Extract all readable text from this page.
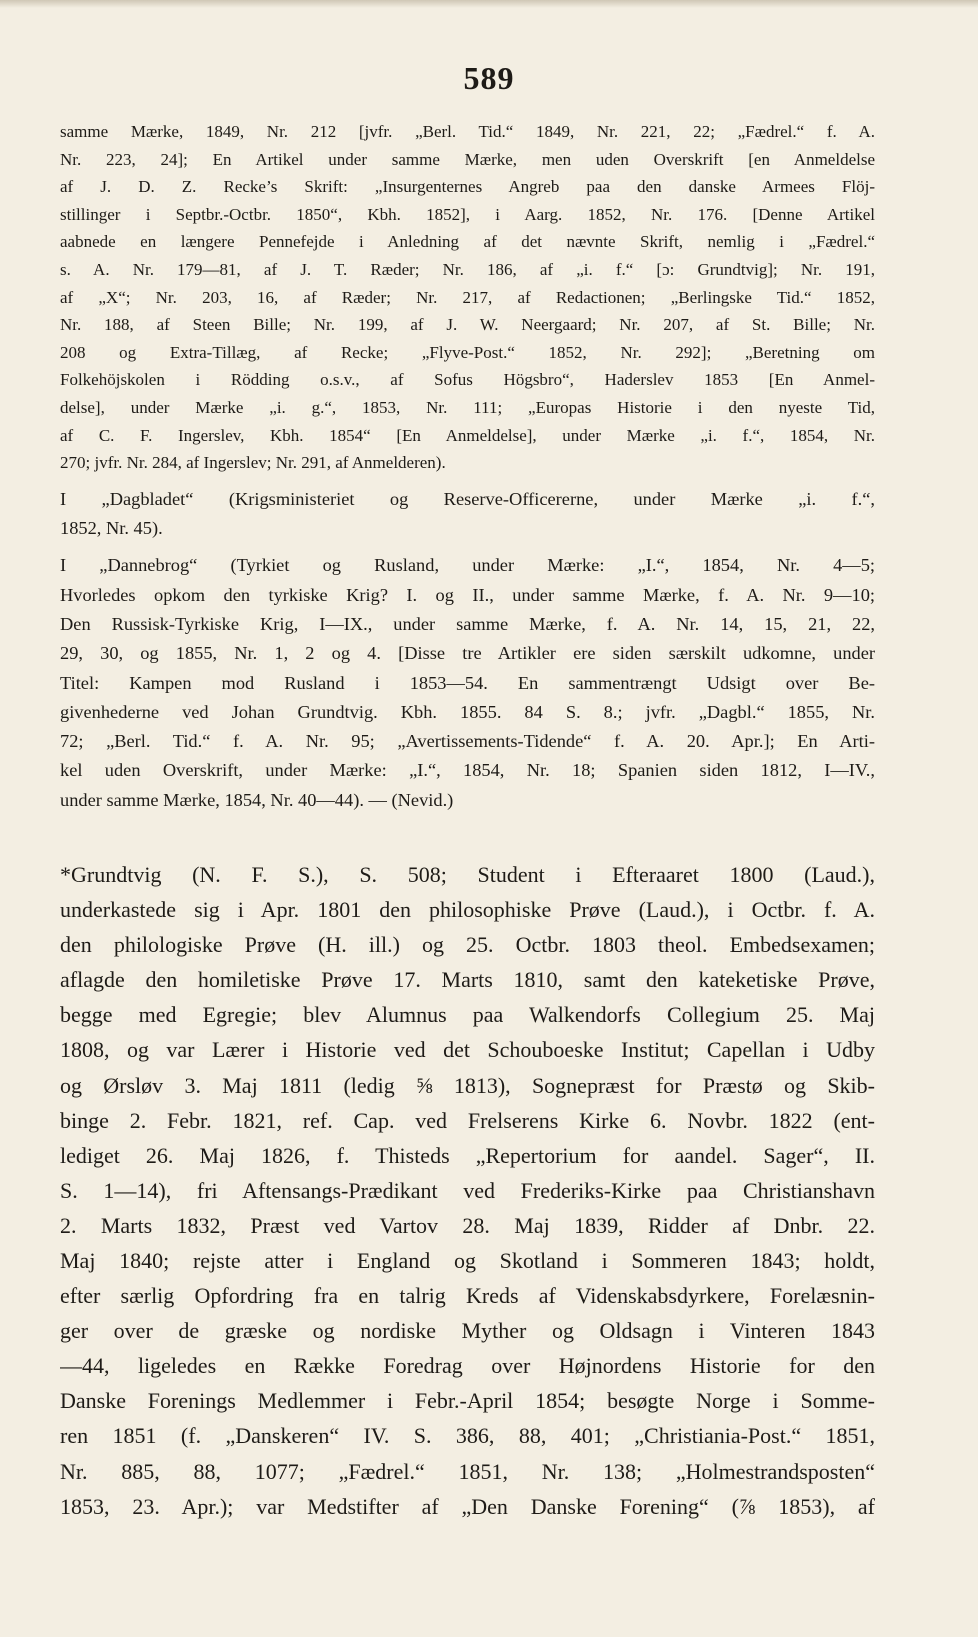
589
samme Mærke, 1849, Nr. 212 [jvfr. „Berl. Tid.“ 1849, Nr. 221, 22; „Fædrel.“ f. A.
Nr. 223, 24]; En Artikel under samme Mærke, men uden Overskrift [en Anmeldelse
af J. D. Z. Recke’s Skrift: „Insurgenternes Angreb paa den danske Armees Flöj-
stillinger i Septbr.-Octbr. 1850“, Kbh. 1852], i Aarg. 1852, Nr. 176. [Denne Artikel
aabnede en længere Pennefejde i Anledning af det nævnte Skrift, nemlig i „Fædrel.“
s. A. Nr. 179—81, af J. T. Ræder; Nr. 186, af „i. f.“ [ɔ: Grundtvig]; Nr. 191,
af „X“; Nr. 203, 16, af Ræder; Nr. 217, af Redactionen; „Berlingske Tid.“ 1852,
Nr. 188, af Steen Bille; Nr. 199, af J. W. Neergaard; Nr. 207, af St. Bille; Nr.
208 og Extra-Tillæg, af Recke; „Flyve-Post.“ 1852, Nr. 292]; „Beretning om
Folkehöjskolen i Rödding o.s.v., af Sofus Högsbro“, Haderslev 1853 [En Anmel-
delse], under Mærke „i. g.“, 1853, Nr. 111; „Europas Historie i den nyeste Tid,
af C. F. Ingerslev, Kbh. 1854“ [En Anmeldelse], under Mærke „i. f.“, 1854, Nr.
270; jvfr. Nr. 284, af Ingerslev; Nr. 291, af Anmelderen).
I „Dagbladet“ (Krigsministeriet og Reserve-Officererne, under Mærke „i. f.“,
1852, Nr. 45).
I „Dannebrog“ (Tyrkiet og Rusland, under Mærke: „I.“, 1854, Nr. 4—5;
Hvorledes opkom den tyrkiske Krig? I. og II., under samme Mærke, f. A. Nr. 9—10;
Den Russisk-Tyrkiske Krig, I—IX., under samme Mærke, f. A. Nr. 14, 15, 21, 22,
29, 30, og 1855, Nr. 1, 2 og 4. [Disse tre Artikler ere siden særskilt udkomne, under
Titel: Kampen mod Rusland i 1853—54. En sammentrængt Udsigt over Be-
givenhederne ved Johan Grundtvig. Kbh. 1855. 84 S. 8.; jvfr. „Dagbl.“ 1855, Nr.
72; „Berl. Tid.“ f. A. Nr. 95; „Avertissements-Tidende“ f. A. 20. Apr.]; En Arti-
kel uden Overskrift, under Mærke: „I.“, 1854, Nr. 18; Spanien siden 1812, I—IV.,
under samme Mærke, 1854, Nr. 40—44). — (Nevid.)
*Grundtvig (N. F. S.), S. 508; Student i Efteraaret 1800 (Laud.),
underkastede sig i Apr. 1801 den philosophiske Prøve (Laud.), i Octbr. f. A.
den philologiske Prøve (H. ill.) og 25. Octbr. 1803 theol. Embedsexamen;
aflagde den homiletiske Prøve 17. Marts 1810, samt den kateketiske Prøve,
begge med Egregie; blev Alumnus paa Walkendorfs Collegium 25. Maj
1808, og var Lærer i Historie ved det Schouboeske Institut; Capellan i Udby
og Ørsløv 3. Maj 1811 (ledig ⅝ 1813), Sognepræst for Præstø og Skib-
binge 2. Febr. 1821, ref. Cap. ved Frelserens Kirke 6. Novbr. 1822 (ent-
lediget 26. Maj 1826, f. Thisteds „Repertorium for aandel. Sager“, II.
S. 1—14), fri Aftensangs-Prædikant ved Frederiks-Kirke paa Christianshavn
2. Marts 1832, Præst ved Vartov 28. Maj 1839, Ridder af Dnbr. 22.
Maj 1840; rejste atter i England og Skotland i Sommeren 1843; holdt,
efter særlig Opfordring fra en talrig Kreds af Videnskabsdyrkere, Forelæsnin-
ger over de græske og nordiske Myther og Oldsagn i Vinteren 1843
—44, ligeledes en Række Foredrag over Højnordens Historie for den
Danske Forenings Medlemmer i Febr.-April 1854; besøgte Norge i Somme-
ren 1851 (f. „Danskeren“ IV. S. 386, 88, 401; „Christiania-Post.“ 1851,
Nr. 885, 88, 1077; „Fædrel.“ 1851, Nr. 138; „Holmestrandsposten“
1853, 23. Apr.); var Medstifter af „Den Danske Forening“ (⅞ 1853), af
